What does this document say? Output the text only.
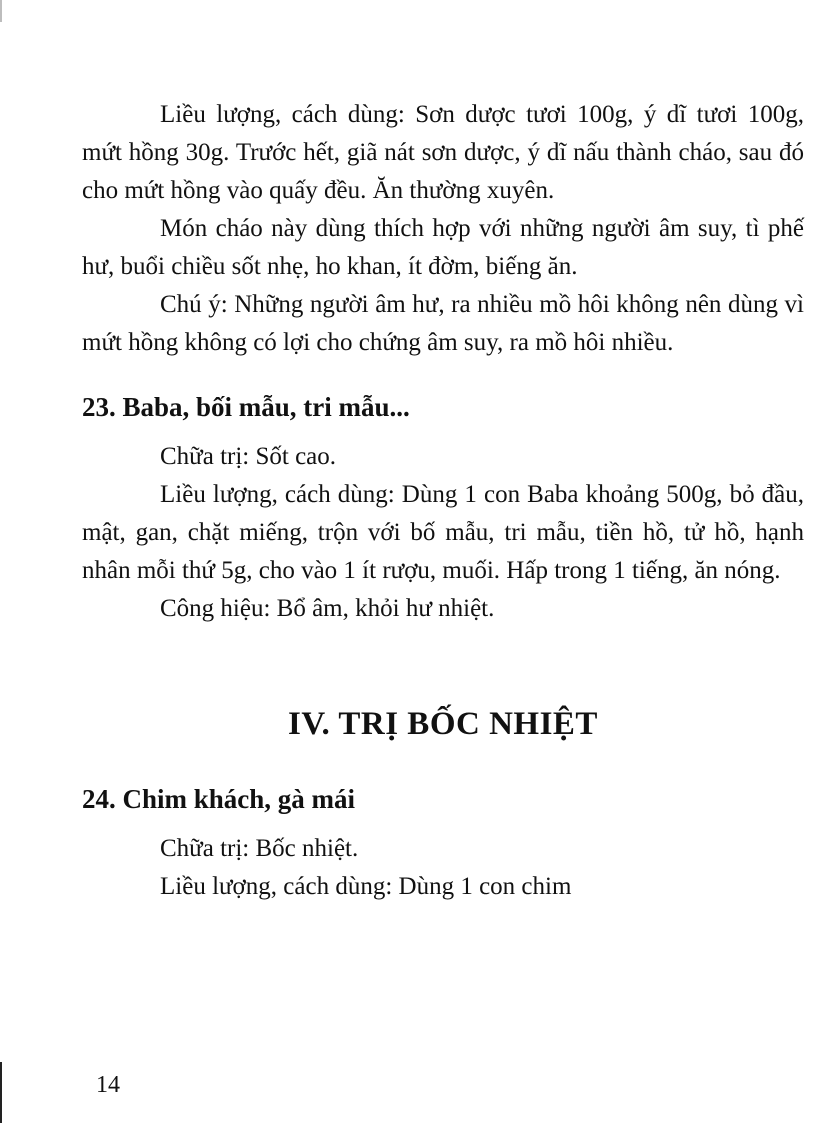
Liều lượng, cách dùng: Sơn dược tươi 100g, ý dĩ tươi 100g, mứt hồng 30g. Trước hết, giã nát sơn dược, ý dĩ nấu thành cháo, sau đó cho mứt hồng vào quấy đều. Ăn thường xuyên.

Món cháo này dùng thích hợp với những người âm suy, tì phế hư, buổi chiều sốt nhẹ, ho khan, ít đờm, biếng ăn.

Chú ý: Những người âm hư, ra nhiều mồ hôi không nên dùng vì mứt hồng không có lợi cho chứng âm suy, ra mồ hôi nhiều.

23. Baba, bối mẫu, tri mẫu...

Chữa trị: Sốt cao.

Liều lượng, cách dùng: Dùng 1 con Baba khoảng 500g, bỏ đầu, mật, gan, chặt miếng, trộn với bố mẫu, tri mẫu, tiền hồ, tử hồ, hạnh nhân mỗi thứ 5g, cho vào 1 ít rượu, muối. Hấp trong 1 tiếng, ăn nóng.

Công hiệu: Bổ âm, khỏi hư nhiệt.

IV. TRỊ BỐC NHIỆT
24. Chim khách, gà mái

Chữa trị: Bốc nhiệt.

Liều lượng, cách dùng: Dùng 1 con chim

14
